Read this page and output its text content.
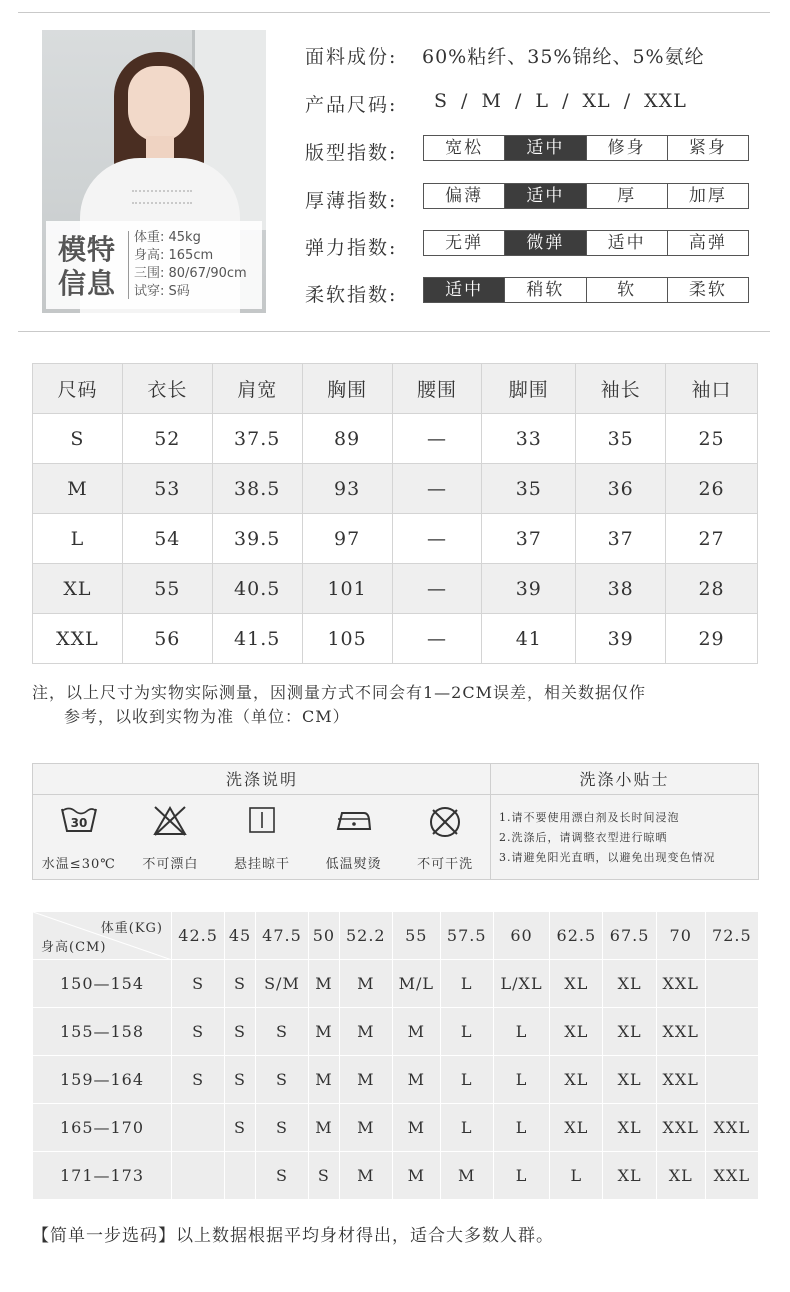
模特信息
体重: 45kg
身高: 165cm
三围: 80/67/90cm
试穿: S码
面料成份: 60%粘纤、35%锦纶、5%氨纶
产品尺码: S / M / L / XL / XXL
版型指数:	宽松	适中	修身	紧身
厚薄指数:	偏薄	适中	厚	加厚
弹力指数:	无弹	微弹	适中	高弹
柔软指数:	适中	稍软	软	柔软
尺码	衣长	肩宽	胸围	腰围	脚围	袖长	袖口
S	52	37.5	89	—	33	35	25
M	53	38.5	93	—	35	36	26
L	54	39.5	97	—	37	37	27
XL	55	40.5	101	—	39	38	28
XXL	56	41.5	105	—	41	39	29
注，以上尺寸为实物实际测量，因测量方式不同会有1—2CM误差，相关数据仅作
参考，以收到实物为准（单位：CM）
洗涤说明
30
水温≤30℃	不可漂白	悬挂晾干	低温熨烫	不可干洗
洗涤小贴士
1.请不要使用漂白剂及长时间浸泡
2.洗涤后，请调整衣型进行晾晒
3.请避免阳光直晒，以避免出现变色情况
体重(KG)
身高(CM)	42.5	45	47.5	50	52.2	55	57.5	60	62.5	67.5	70	72.5
150—154	S	S	S/M	M	M	M/L	L	L/XL	XL	XL	XXL	
155—158	S	S	S	M	M	M	L	L	XL	XL	XXL	
159—164	S	S	S	M	M	M	L	L	XL	XL	XXL	
165—170		S	S	M	M	M	L	L	XL	XL	XXL	XXL
171—173			S	S	M	M	M	L	L	XL	XL	XXL
【简单一步选码】以上数据根据平均身材得出，适合大多数人群。
